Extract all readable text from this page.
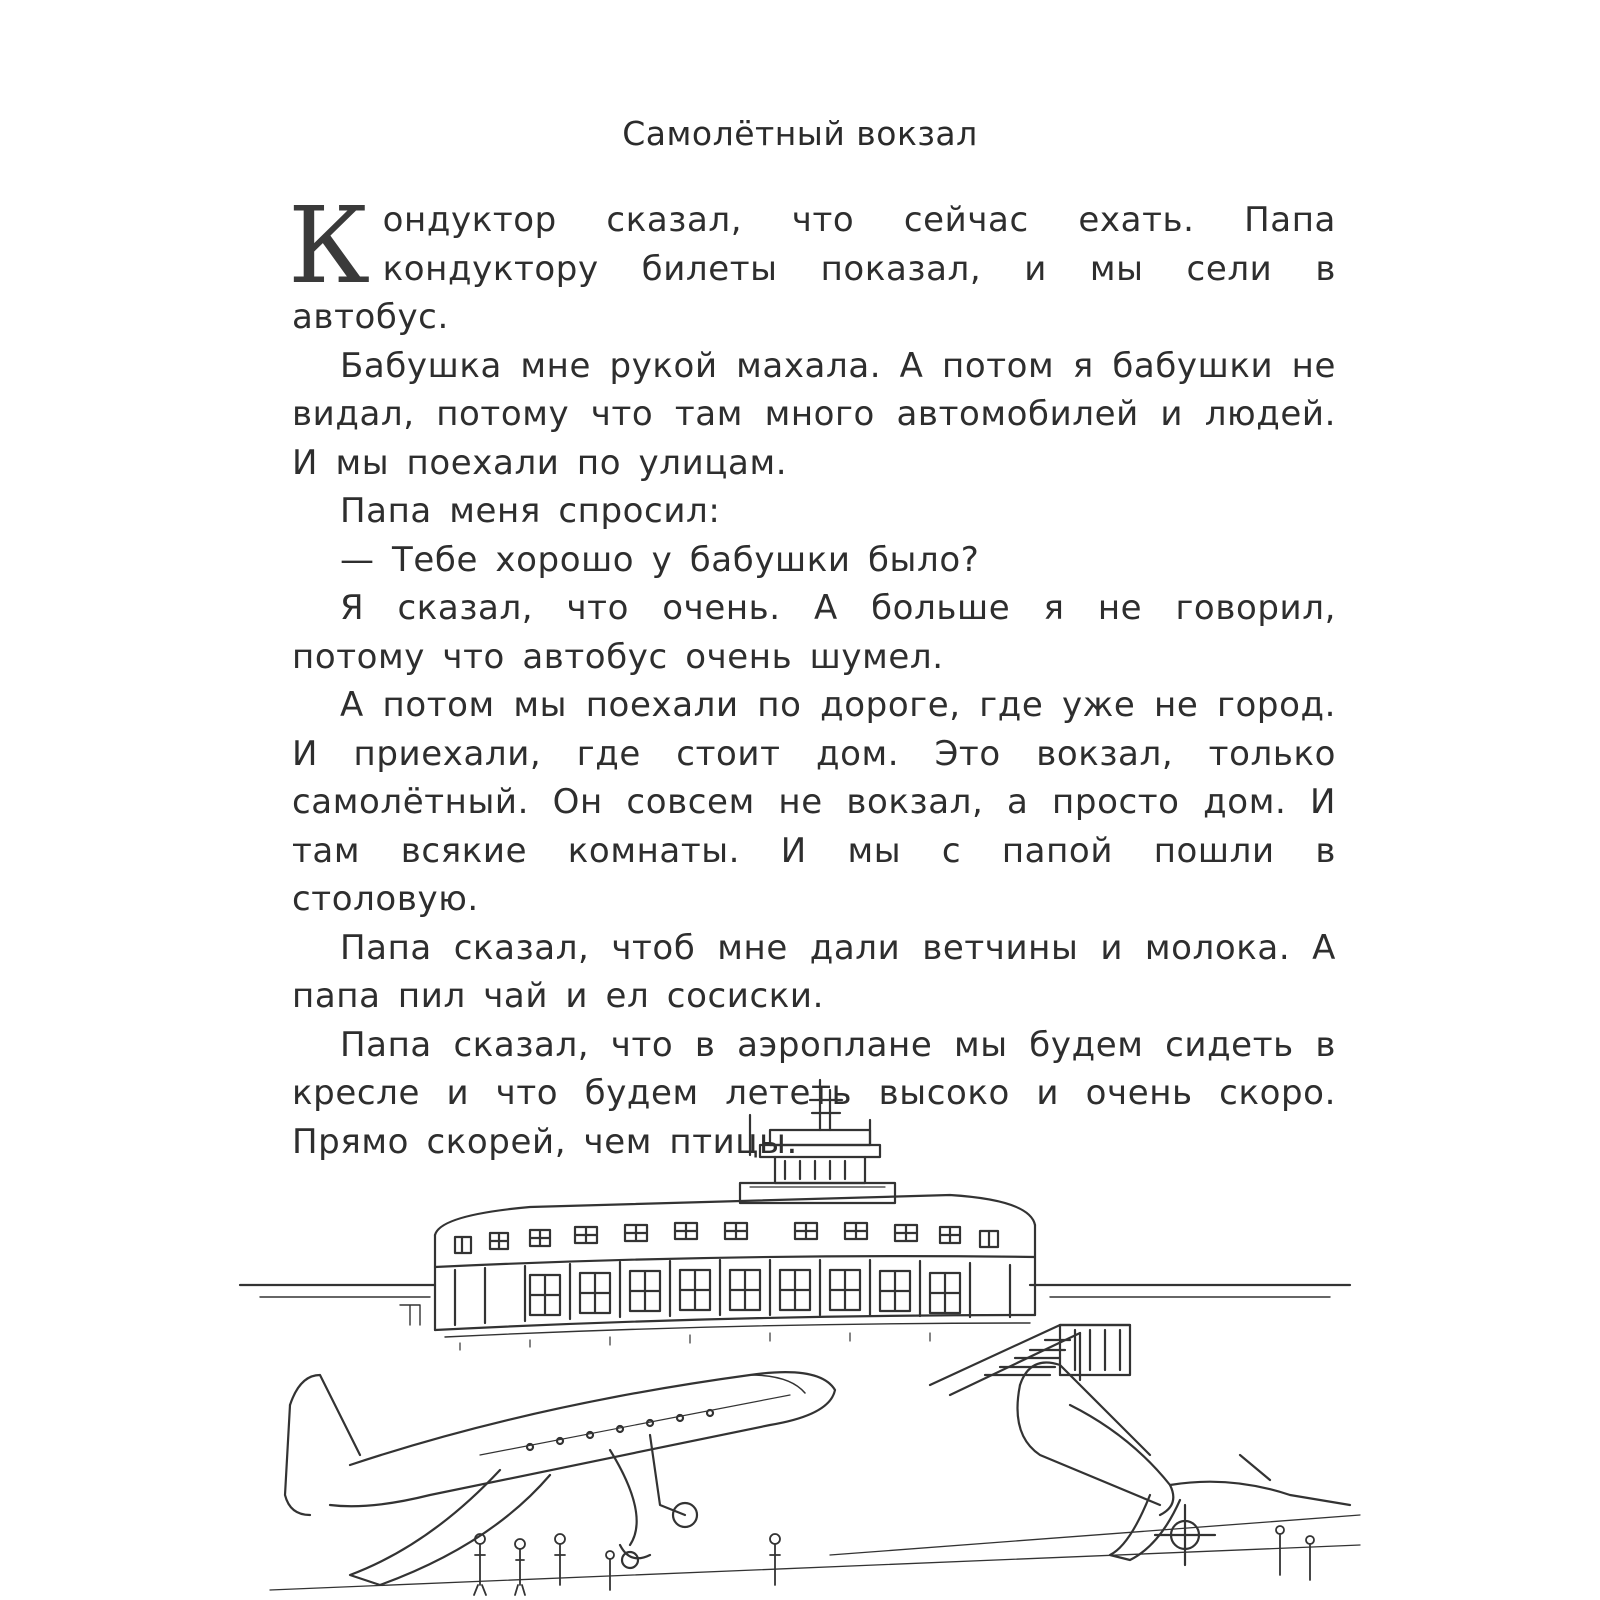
Самолётный вокзал

Кондуктор сказал, что сейчас ехать. Папа кондуктору билеты показал, и мы сели в автобус.

Бабушка мне рукой махала. А потом я бабушки не видал, потому что там много автомобилей и людей. И мы поехали по улицам.

Папа меня спросил:

— Тебе хорошо у бабушки было?

Я сказал, что очень. А больше я не говорил, потому что автобус очень шумел.

А потом мы поехали по дороге, где уже не город. И приехали, где стоит дом. Это вокзал, только самолётный. Он совсем не вокзал, а просто дом. И там всякие комнаты. И мы с папой пошли в столовую.

Папа сказал, чтоб мне дали ветчины и молока. А папа пил чай и ел сосиски.

Папа сказал, что в аэроплане мы будем сидеть в кресле и что будем лететь высоко и очень скоро. Прямо скорей, чем птицы.
